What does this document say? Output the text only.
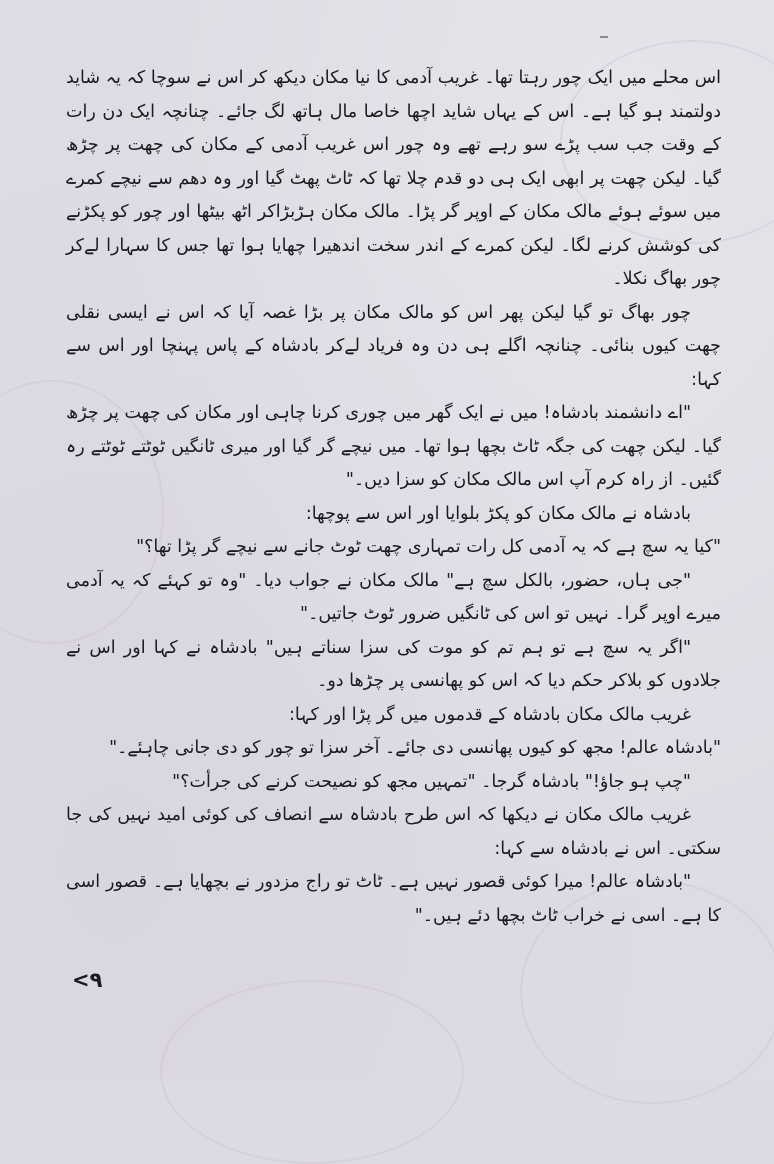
اس محلے میں ایک چور رہتا تھا۔ غریب آدمی کا نیا مکان دیکھ کر اس نے سوچا کہ یہ شاید دولتمند ہو گیا ہے۔ اس کے یہاں شاید اچھا خاصا مال ہاتھ لگ جائے۔ چنانچہ ایک دن رات کے وقت جب سب پڑے سو رہے تھے وہ چور اس غریب آدمی کے مکان کی چھت پر چڑھ گیا۔ لیکن چھت پر ابھی ایک ہی دو قدم چلا تھا کہ ٹاٹ پھٹ گیا اور وہ دھم سے نیچے کمرے میں سوئے ہوئے مالک مکان کے اوپر گر پڑا۔ مالک مکان ہڑبڑاکر اٹھ بیٹھا اور چور کو پکڑنے کی کوشش کرنے لگا۔ لیکن کمرے کے اندر سخت اندھیرا چھایا ہوا تھا جس کا سہارا لےکر چور بھاگ نکلا۔

چور بھاگ تو گیا لیکن پھر اس کو مالک مکان پر بڑا غصہ آیا کہ اس نے ایسی نقلی چھت کیوں بنائی۔ چنانچہ اگلے ہی دن وہ فریاد لےکر بادشاہ کے پاس پہنچا اور اس سے کہا:

"اے دانشمند بادشاہ! میں نے ایک گھر میں چوری کرنا چاہی اور مکان کی چھت پر چڑھ گیا۔ لیکن چھت کی جگہ ٹاٹ بچھا ہوا تھا۔ میں نیچے گر گیا اور میری ٹانگیں ٹوٹتے ٹوٹتے رہ گئیں۔ از راہ کرم آپ اس مالک مکان کو سزا دیں۔"

بادشاہ نے مالک مکان کو پکڑ بلوایا اور اس سے پوچھا:

"کیا یہ سچ ہے کہ یہ آدمی کل رات تمہاری چھت ٹوٹ جانے سے نیچے گر پڑا تھا؟"

"جی ہاں، حضور، بالکل سچ ہے" مالک مکان نے جواب دیا۔ "وہ تو کہئے کہ یہ آدمی میرے اوپر گرا۔ نہیں تو اس کی ٹانگیں ضرور ٹوٹ جاتیں۔"

"اگر یہ سچ ہے تو ہم تم کو موت کی سزا سناتے ہیں" بادشاہ نے کہا اور اس نے جلادوں کو بلاکر حکم دیا کہ اس کو پھانسی پر چڑھا دو۔

غریب مالک مکان بادشاہ کے قدموں میں گر پڑا اور کہا:

"بادشاہ عالم! مجھ کو کیوں پھانسی دی جائے۔ آخر سزا تو چور کو دی جانی چاہئے۔"

"چپ ہو جاؤ!" بادشاہ گرجا۔ "تمہیں مجھ کو نصیحت کرنے کی جرأت؟"

غریب مالک مکان نے دیکھا کہ اس طرح بادشاہ سے انصاف کی کوئی امید نہیں کی جا سکتی۔ اس نے بادشاہ سے کہا:

"بادشاہ عالم! میرا کوئی قصور نہیں ہے۔ ٹاٹ تو راج مزدور نے بچھایا ہے۔ قصور اسی کا ہے۔ اسی نے خراب ٹاٹ بچھا دئے ہیں۔"

<۹
